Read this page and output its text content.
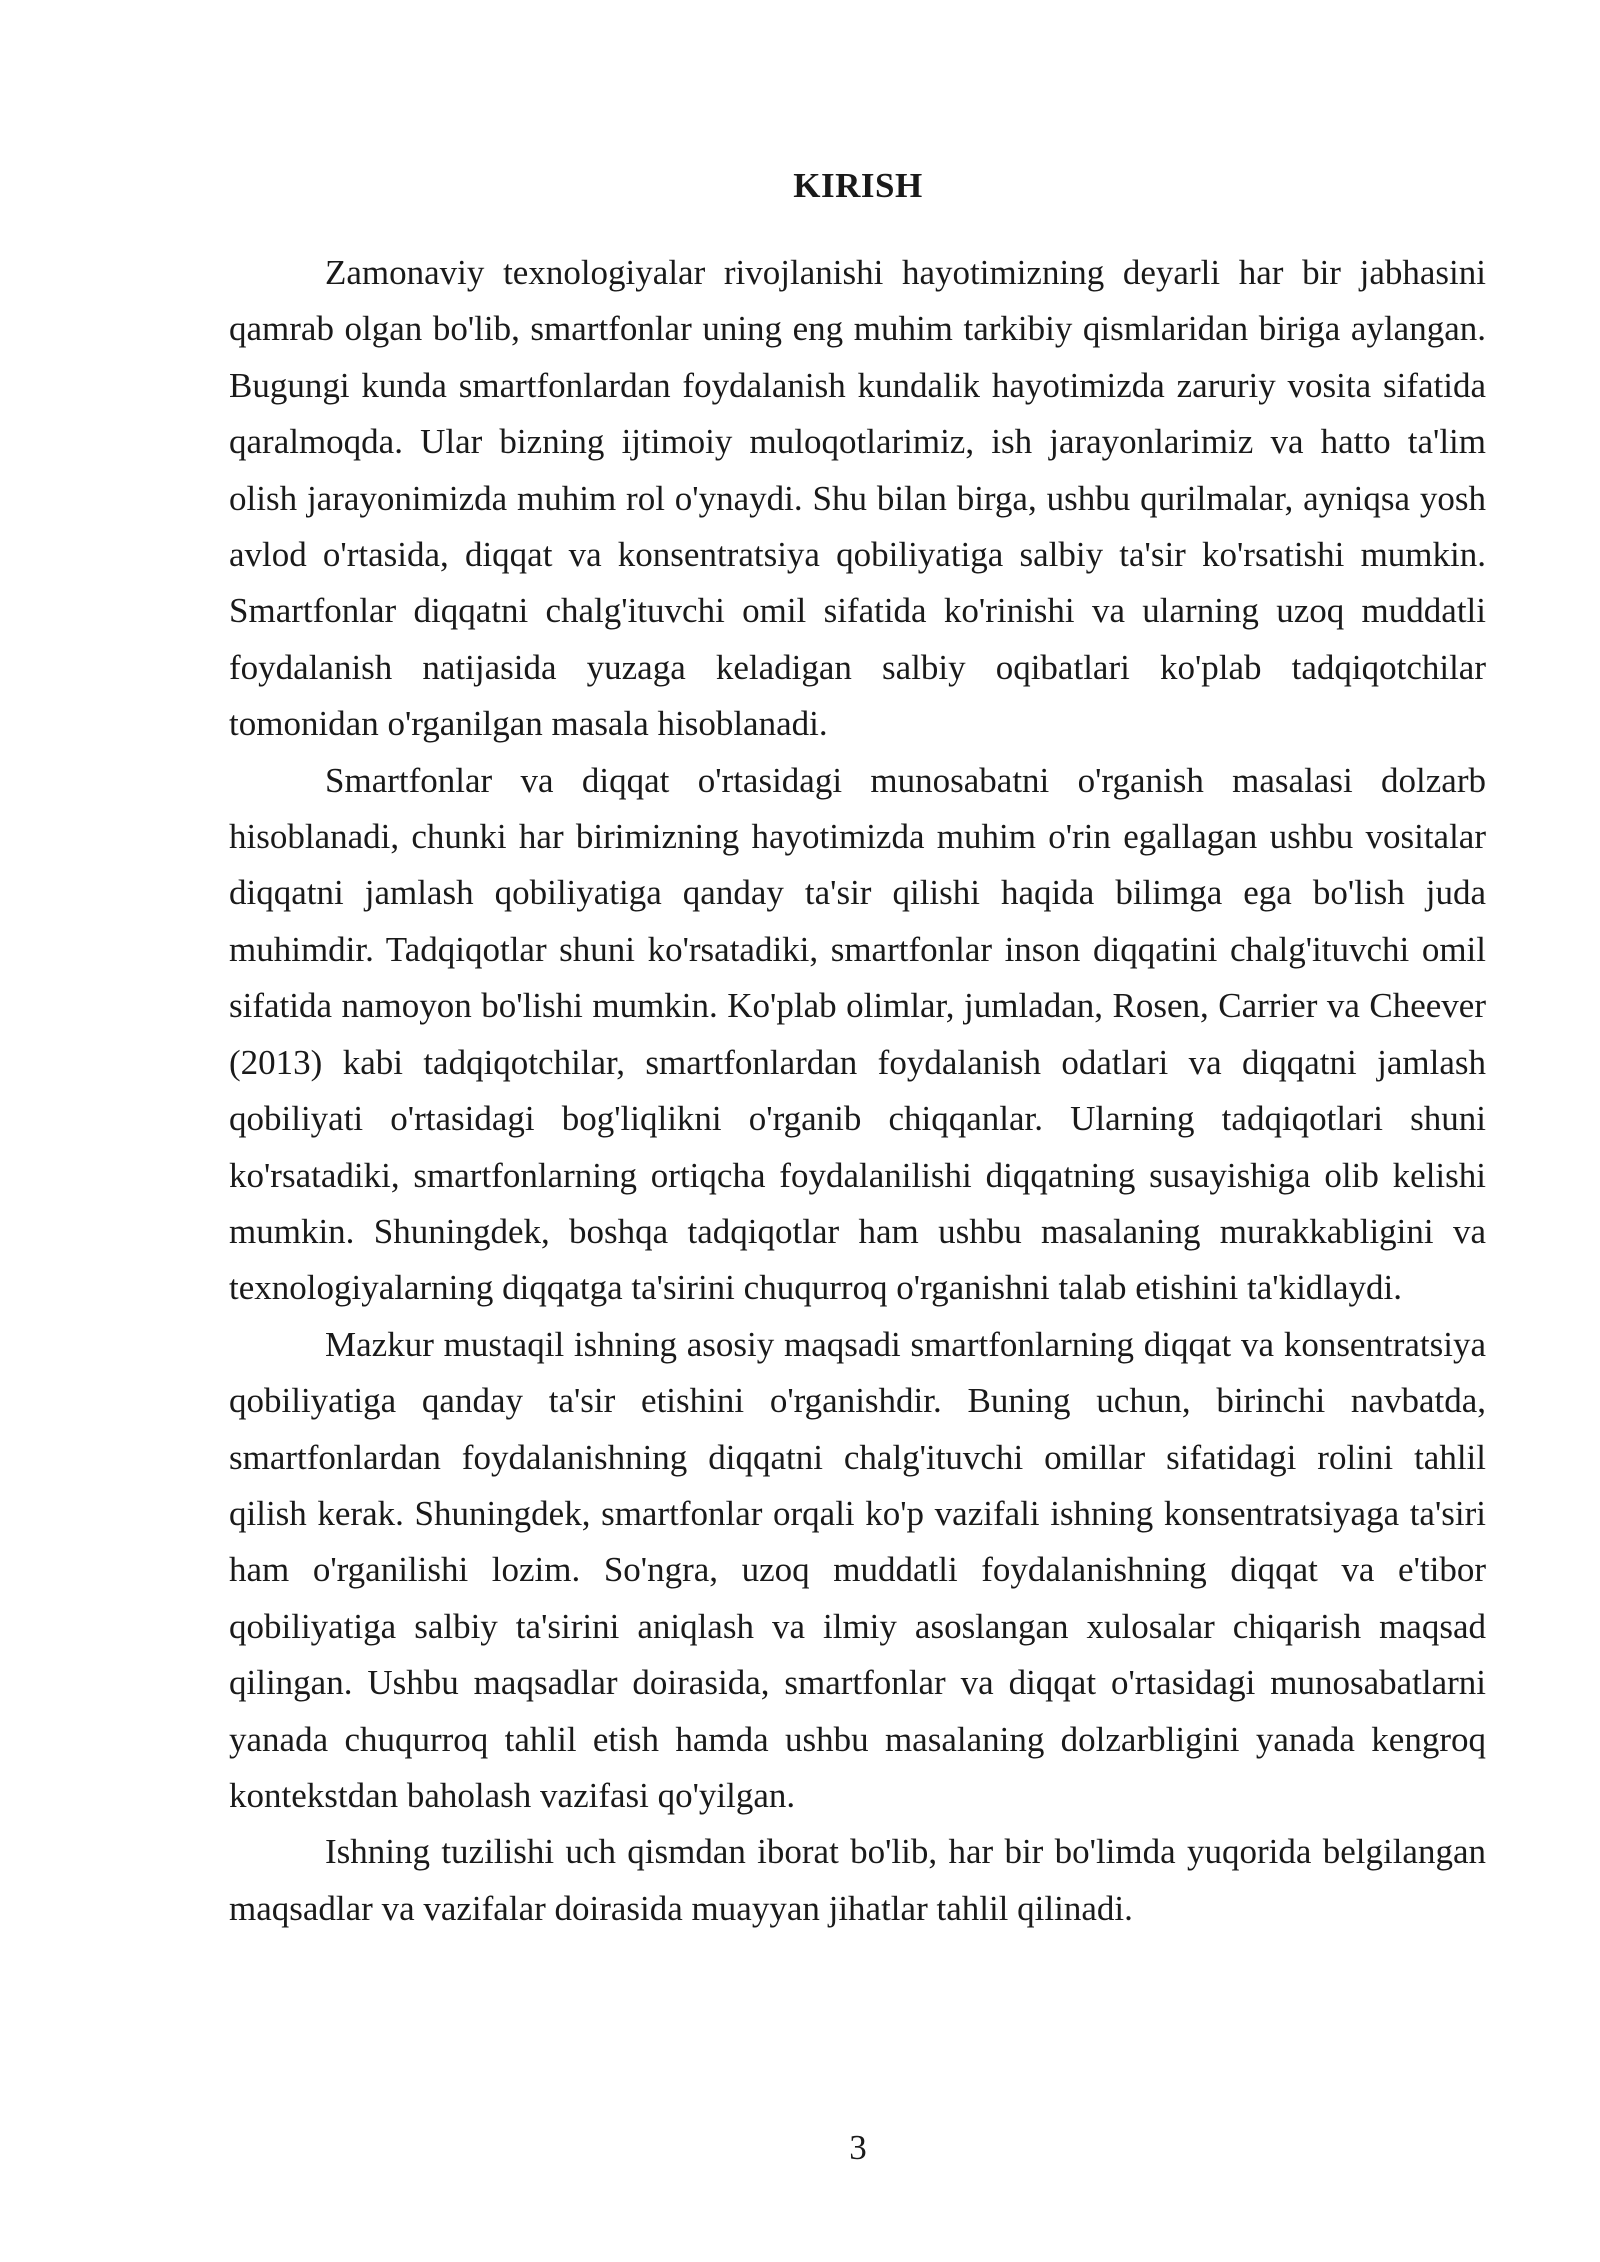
KIRISH

Zamonaviy texnologiyalar rivojlanishi hayotimizning deyarli har bir jabhasini qamrab olgan bo'lib, smartfonlar uning eng muhim tarkibiy qismlaridan biriga aylangan. Bugungi kunda smartfonlardan foydalanish kundalik hayotimizda zaruriy vosita sifatida qaralmoqda. Ular bizning ijtimoiy muloqotlarimiz, ish jarayonlarimiz va hatto ta'lim olish jarayonimizda muhim rol o'ynaydi. Shu bilan birga, ushbu qurilmalar, ayniqsa yosh avlod o'rtasida, diqqat va konsentratsiya qobiliyatiga salbiy ta'sir ko'rsatishi mumkin. Smartfonlar diqqatni chalg'ituvchi omil sifatida ko'rinishi va ularning uzoq muddatli foydalanish natijasida yuzaga keladigan salbiy oqibatlari ko'plab tadqiqotchilar tomonidan o'rganilgan masala hisoblanadi.

Smartfonlar va diqqat o'rtasidagi munosabatni o'rganish masalasi dolzarb hisoblanadi, chunki har birimizning hayotimizda muhim o'rin egallagan ushbu vositalar diqqatni jamlash qobiliyatiga qanday ta'sir qilishi haqida bilimga ega bo'lish juda muhimdir. Tadqiqotlar shuni ko'rsatadiki, smartfonlar inson diqqatini chalg'ituvchi omil sifatida namoyon bo'lishi mumkin. Ko'plab olimlar, jumladan, Rosen, Carrier va Cheever (2013) kabi tadqiqotchilar, smartfonlardan foydalanish odatlari va diqqatni jamlash qobiliyati o'rtasidagi bog'liqlikni o'rganib chiqqanlar. Ularning tadqiqotlari shuni ko'rsatadiki, smartfonlarning ortiqcha foydalanilishi diqqatning susayishiga olib kelishi mumkin. Shuningdek, boshqa tadqiqotlar ham ushbu masalaning murakkabligini va texnologiyalarning diqqatga ta'sirini chuqurroq o'rganishni talab etishini ta'kidlaydi.

Mazkur mustaqil ishning asosiy maqsadi smartfonlarning diqqat va konsentratsiya qobiliyatiga qanday ta'sir etishini o'rganishdir. Buning uchun, birinchi navbatda, smartfonlardan foydalanishning diqqatni chalg'ituvchi omillar sifatidagi rolini tahlil qilish kerak. Shuningdek, smartfonlar orqali ko'p vazifali ishning konsentratsiyaga ta'siri ham o'rganilishi lozim. So'ngra, uzoq muddatli foydalanishning diqqat va e'tibor qobiliyatiga salbiy ta'sirini aniqlash va ilmiy asoslangan xulosalar chiqarish maqsad qilingan. Ushbu maqsadlar doirasida, smartfonlar va diqqat o'rtasidagi munosabatlarni yanada chuqurroq tahlil etish hamda ushbu masalaning dolzarbligini yanada kengroq kontekstdan baholash vazifasi qo'yilgan.

Ishning tuzilishi uch qismdan iborat bo'lib, har bir bo'limda yuqorida belgilangan maqsadlar va vazifalar doirasida muayyan jihatlar tahlil qilinadi.

3
